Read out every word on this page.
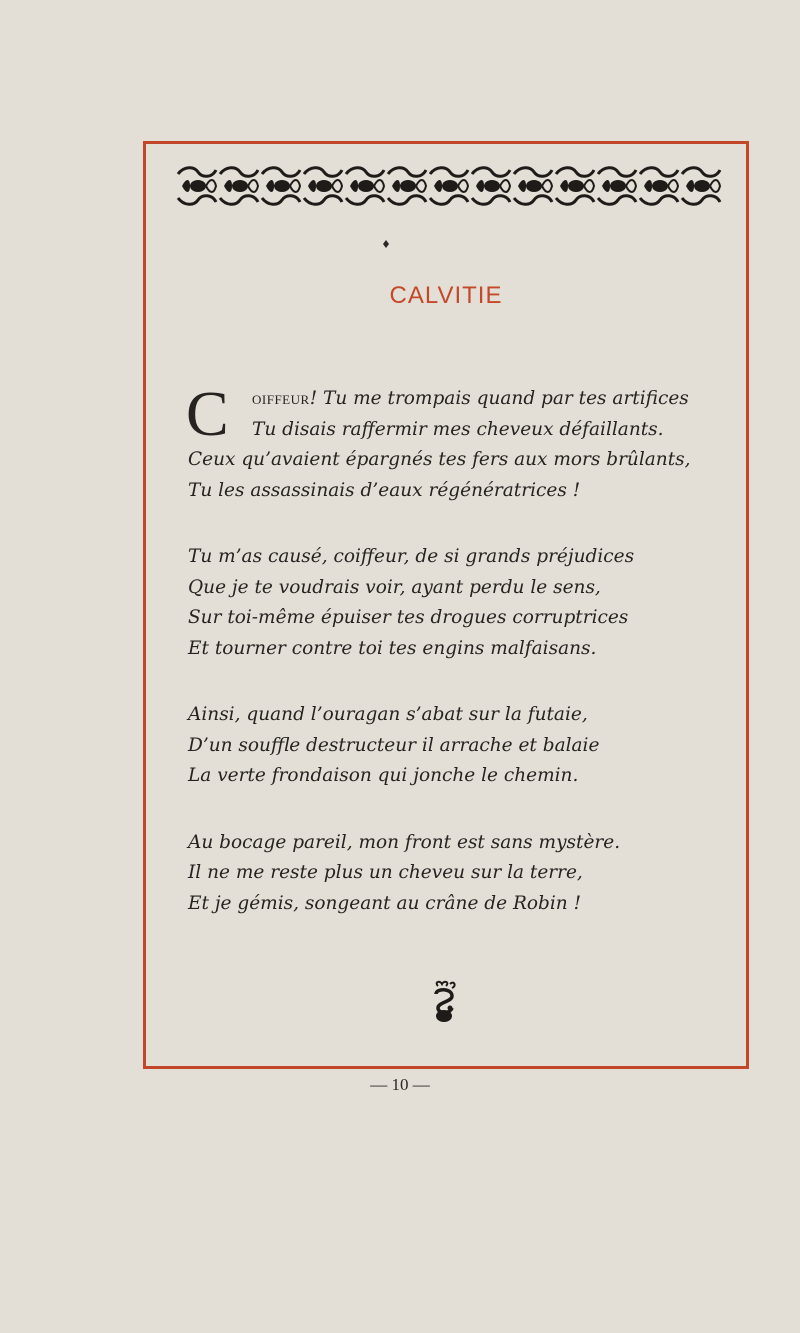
CALVITIE
C	oiffeur! Tu me trompais quand par tes artifices
Tu disais raffermir mes cheveux défaillants.
Ceux qu’avaient épargnés tes fers aux mors brûlants,
Tu les assassinais d’eaux régénératrices !
Tu m’as causé, coiffeur, de si grands préjudices
Que je te voudrais voir, ayant perdu le sens,
Sur toi-même épuiser tes drogues corruptrices
Et tourner contre toi tes engins malfaisans.
Ainsi, quand l’ouragan s’abat sur la futaie,
D’un souffle destructeur il arrache et balaie
La verte frondaison qui jonche le chemin.
Au bocage pareil, mon front est sans mystère.
Il ne me reste plus un cheveu sur la terre,
Et je gémis, songeant au crâne de Robin !
— 10 —
